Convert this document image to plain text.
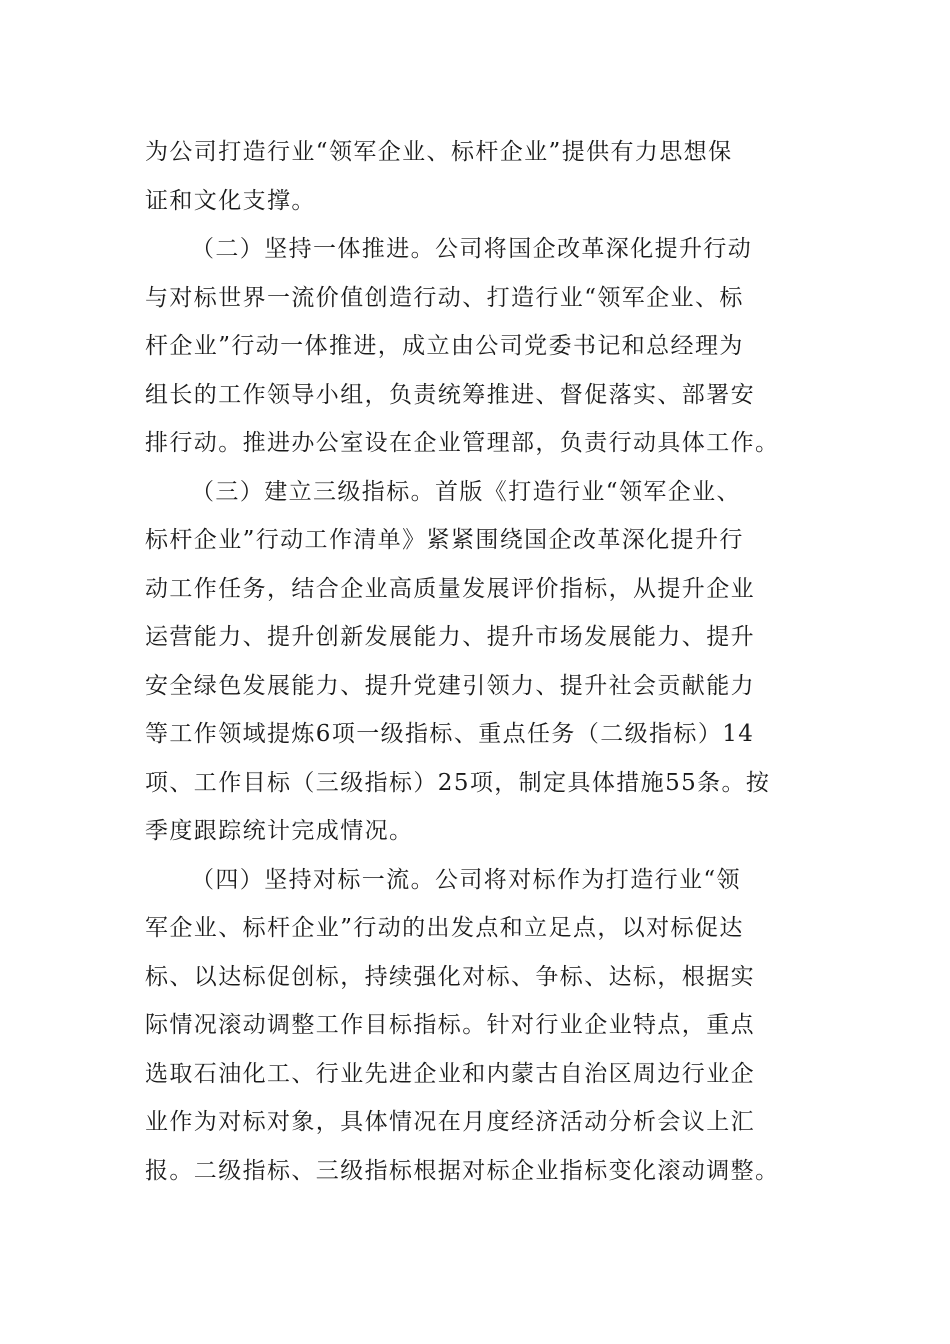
为公司打造行业“领军企业、标杆企业”提供有力思想保
证和文化支撑。
（二）坚持一体推进。公司将国企改革深化提升行动
与对标世界一流价值创造行动、打造行业“领军企业、标
杆企业”行动一体推进，成立由公司党委书记和总经理为
组长的工作领导小组，负责统筹推进、督促落实、部署安
排行动。推进办公室设在企业管理部，负责行动具体工作。
（三）建立三级指标。首版《打造行业“领军企业、
标杆企业”行动工作清单》紧紧围绕国企改革深化提升行
动工作任务，结合企业高质量发展评价指标，从提升企业
运营能力、提升创新发展能力、提升市场发展能力、提升
安全绿色发展能力、提升党建引领力、提升社会贡献能力
等工作领域提炼6项一级指标、重点任务（二级指标）14
项、工作目标（三级指标）25项，制定具体措施55条。按
季度跟踪统计完成情况。
（四）坚持对标一流。公司将对标作为打造行业“领
军企业、标杆企业”行动的出发点和立足点，以对标促达
标、以达标促创标，持续强化对标、争标、达标，根据实
际情况滚动调整工作目标指标。针对行业企业特点，重点
选取石油化工、行业先进企业和内蒙古自治区周边行业企
业作为对标对象，具体情况在月度经济活动分析会议上汇
报。二级指标、三级指标根据对标企业指标变化滚动调整。
